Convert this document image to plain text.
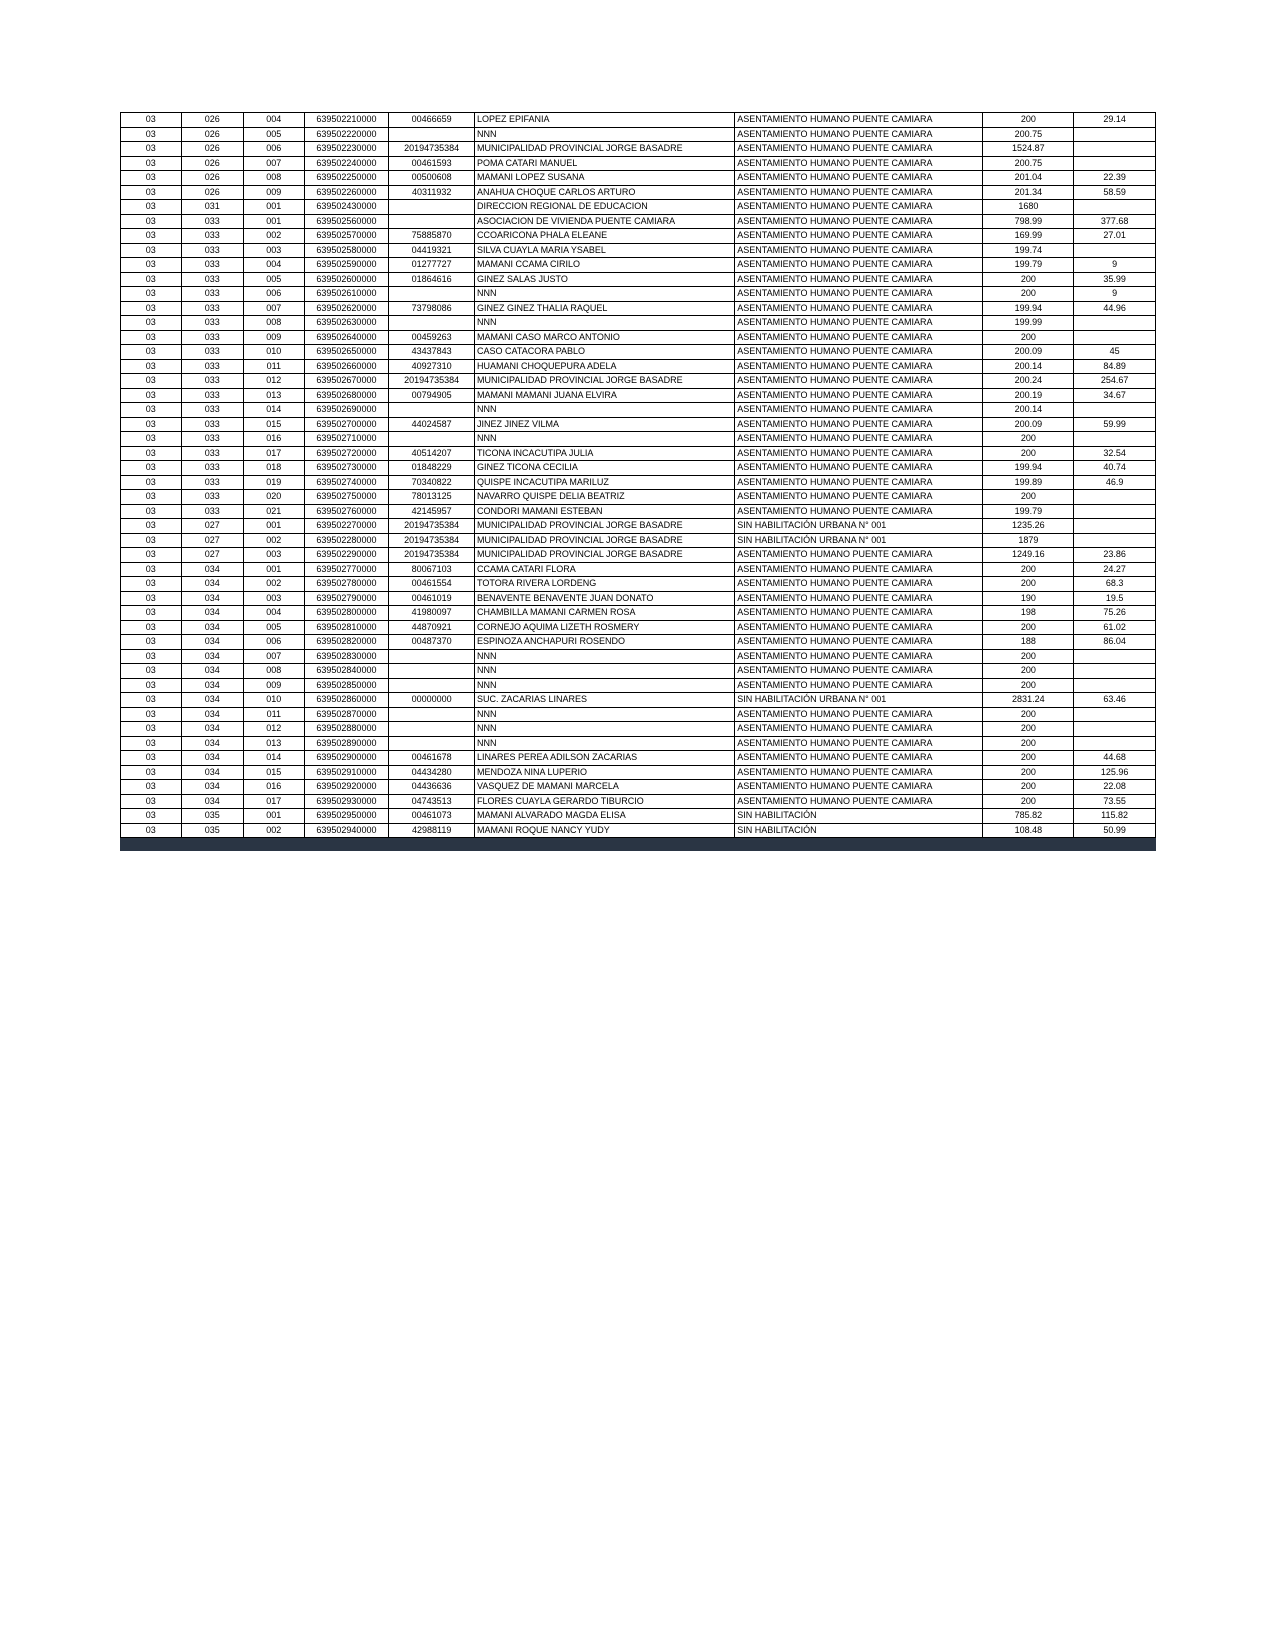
03	026	004	639502210000	00466659	LOPEZ EPIFANIA	ASENTAMIENTO HUMANO PUENTE CAMIARA	200	29.14
03	026	005	639502220000		NNN	ASENTAMIENTO HUMANO PUENTE CAMIARA	200.75	
03	026	006	639502230000	20194735384	MUNICIPALIDAD PROVINCIAL JORGE BASADRE	ASENTAMIENTO HUMANO PUENTE CAMIARA	1524.87	
03	026	007	639502240000	00461593	POMA CATARI MANUEL	ASENTAMIENTO HUMANO PUENTE CAMIARA	200.75	
03	026	008	639502250000	00500608	MAMANI LOPEZ SUSANA	ASENTAMIENTO HUMANO PUENTE CAMIARA	201.04	22.39
03	026	009	639502260000	40311932	ANAHUA CHOQUE CARLOS ARTURO	ASENTAMIENTO HUMANO PUENTE CAMIARA	201.34	58.59
03	031	001	639502430000		DIRECCION REGIONAL DE EDUCACION	ASENTAMIENTO HUMANO PUENTE CAMIARA	1680	
03	033	001	639502560000		ASOCIACION DE VIVIENDA PUENTE CAMIARA	ASENTAMIENTO HUMANO PUENTE CAMIARA	798.99	377.68
03	033	002	639502570000	75885870	CCOARICONA PHALA ELEANE	ASENTAMIENTO HUMANO PUENTE CAMIARA	169.99	27.01
03	033	003	639502580000	04419321	SILVA CUAYLA MARIA YSABEL	ASENTAMIENTO HUMANO PUENTE CAMIARA	199.74	
03	033	004	639502590000	01277727	MAMANI CCAMA CIRILO	ASENTAMIENTO HUMANO PUENTE CAMIARA	199.79	9
03	033	005	639502600000	01864616	GINEZ SALAS JUSTO	ASENTAMIENTO HUMANO PUENTE CAMIARA	200	35.99
03	033	006	639502610000		NNN	ASENTAMIENTO HUMANO PUENTE CAMIARA	200	9
03	033	007	639502620000	73798086	GINEZ GINEZ THALIA RAQUEL	ASENTAMIENTO HUMANO PUENTE CAMIARA	199.94	44.96
03	033	008	639502630000		NNN	ASENTAMIENTO HUMANO PUENTE CAMIARA	199.99	
03	033	009	639502640000	00459263	MAMANI CASO MARCO ANTONIO	ASENTAMIENTO HUMANO PUENTE CAMIARA	200	
03	033	010	639502650000	43437843	CASO CATACORA PABLO	ASENTAMIENTO HUMANO PUENTE CAMIARA	200.09	45
03	033	011	639502660000	40927310	HUAMANI CHOQUEPURA ADELA	ASENTAMIENTO HUMANO PUENTE CAMIARA	200.14	84.89
03	033	012	639502670000	20194735384	MUNICIPALIDAD PROVINCIAL JORGE BASADRE	ASENTAMIENTO HUMANO PUENTE CAMIARA	200.24	254.67
03	033	013	639502680000	00794905	MAMANI MAMANI JUANA ELVIRA	ASENTAMIENTO HUMANO PUENTE CAMIARA	200.19	34.67
03	033	014	639502690000		NNN	ASENTAMIENTO HUMANO PUENTE CAMIARA	200.14	
03	033	015	639502700000	44024587	JINEZ JINEZ VILMA	ASENTAMIENTO HUMANO PUENTE CAMIARA	200.09	59.99
03	033	016	639502710000		NNN	ASENTAMIENTO HUMANO PUENTE CAMIARA	200	
03	033	017	639502720000	40514207	TICONA INCACUTIPA JULIA	ASENTAMIENTO HUMANO PUENTE CAMIARA	200	32.54
03	033	018	639502730000	01848229	GINEZ TICONA CECILIA	ASENTAMIENTO HUMANO PUENTE CAMIARA	199.94	40.74
03	033	019	639502740000	70340822	QUISPE INCACUTIPA MARILUZ	ASENTAMIENTO HUMANO PUENTE CAMIARA	199.89	46.9
03	033	020	639502750000	78013125	NAVARRO QUISPE DELIA BEATRIZ	ASENTAMIENTO HUMANO PUENTE CAMIARA	200	
03	033	021	639502760000	42145957	CONDORI MAMANI ESTEBAN	ASENTAMIENTO HUMANO PUENTE CAMIARA	199.79	
03	027	001	639502270000	20194735384	MUNICIPALIDAD PROVINCIAL JORGE BASADRE	SIN HABILITACIÓN URBANA N° 001	1235.26	
03	027	002	639502280000	20194735384	MUNICIPALIDAD PROVINCIAL JORGE BASADRE	SIN HABILITACIÓN URBANA N° 001	1879	
03	027	003	639502290000	20194735384	MUNICIPALIDAD PROVINCIAL JORGE BASADRE	ASENTAMIENTO HUMANO PUENTE CAMIARA	1249.16	23.86
03	034	001	639502770000	80067103	CCAMA CATARI FLORA	ASENTAMIENTO HUMANO PUENTE CAMIARA	200	24.27
03	034	002	639502780000	00461554	TOTORA RIVERA LORDENG	ASENTAMIENTO HUMANO PUENTE CAMIARA	200	68.3
03	034	003	639502790000	00461019	BENAVENTE BENAVENTE JUAN DONATO	ASENTAMIENTO HUMANO PUENTE CAMIARA	190	19.5
03	034	004	639502800000	41980097	CHAMBILLA MAMANI CARMEN ROSA	ASENTAMIENTO HUMANO PUENTE CAMIARA	198	75.26
03	034	005	639502810000	44870921	CORNEJO AQUIMA LIZETH ROSMERY	ASENTAMIENTO HUMANO PUENTE CAMIARA	200	61.02
03	034	006	639502820000	00487370	ESPINOZA ANCHAPURI ROSENDO	ASENTAMIENTO HUMANO PUENTE CAMIARA	188	86.04
03	034	007	639502830000		NNN	ASENTAMIENTO HUMANO PUENTE CAMIARA	200	
03	034	008	639502840000		NNN	ASENTAMIENTO HUMANO PUENTE CAMIARA	200	
03	034	009	639502850000		NNN	ASENTAMIENTO HUMANO PUENTE CAMIARA	200	
03	034	010	639502860000	00000000	SUC. ZACARIAS LINARES	SIN HABILITACIÓN URBANA N° 001	2831.24	63.46
03	034	011	639502870000		NNN	ASENTAMIENTO HUMANO PUENTE CAMIARA	200	
03	034	012	639502880000		NNN	ASENTAMIENTO HUMANO PUENTE CAMIARA	200	
03	034	013	639502890000		NNN	ASENTAMIENTO HUMANO PUENTE CAMIARA	200	
03	034	014	639502900000	00461678	LINARES PEREA ADILSON ZACARIAS	ASENTAMIENTO HUMANO PUENTE CAMIARA	200	44.68
03	034	015	639502910000	04434280	MENDOZA NINA LUPERIO	ASENTAMIENTO HUMANO PUENTE CAMIARA	200	125.96
03	034	016	639502920000	04436636	VASQUEZ DE MAMANI MARCELA	ASENTAMIENTO HUMANO PUENTE CAMIARA	200	22.08
03	034	017	639502930000	04743513	FLORES CUAYLA GERARDO TIBURCIO	ASENTAMIENTO HUMANO PUENTE CAMIARA	200	73.55
03	035	001	639502950000	00461073	MAMANI ALVARADO MAGDA ELISA	SIN HABILITACIÓN	785.82	115.82
03	035	002	639502940000	42988119	MAMANI ROQUE NANCY YUDY	SIN HABILITACIÓN	108.48	50.99
